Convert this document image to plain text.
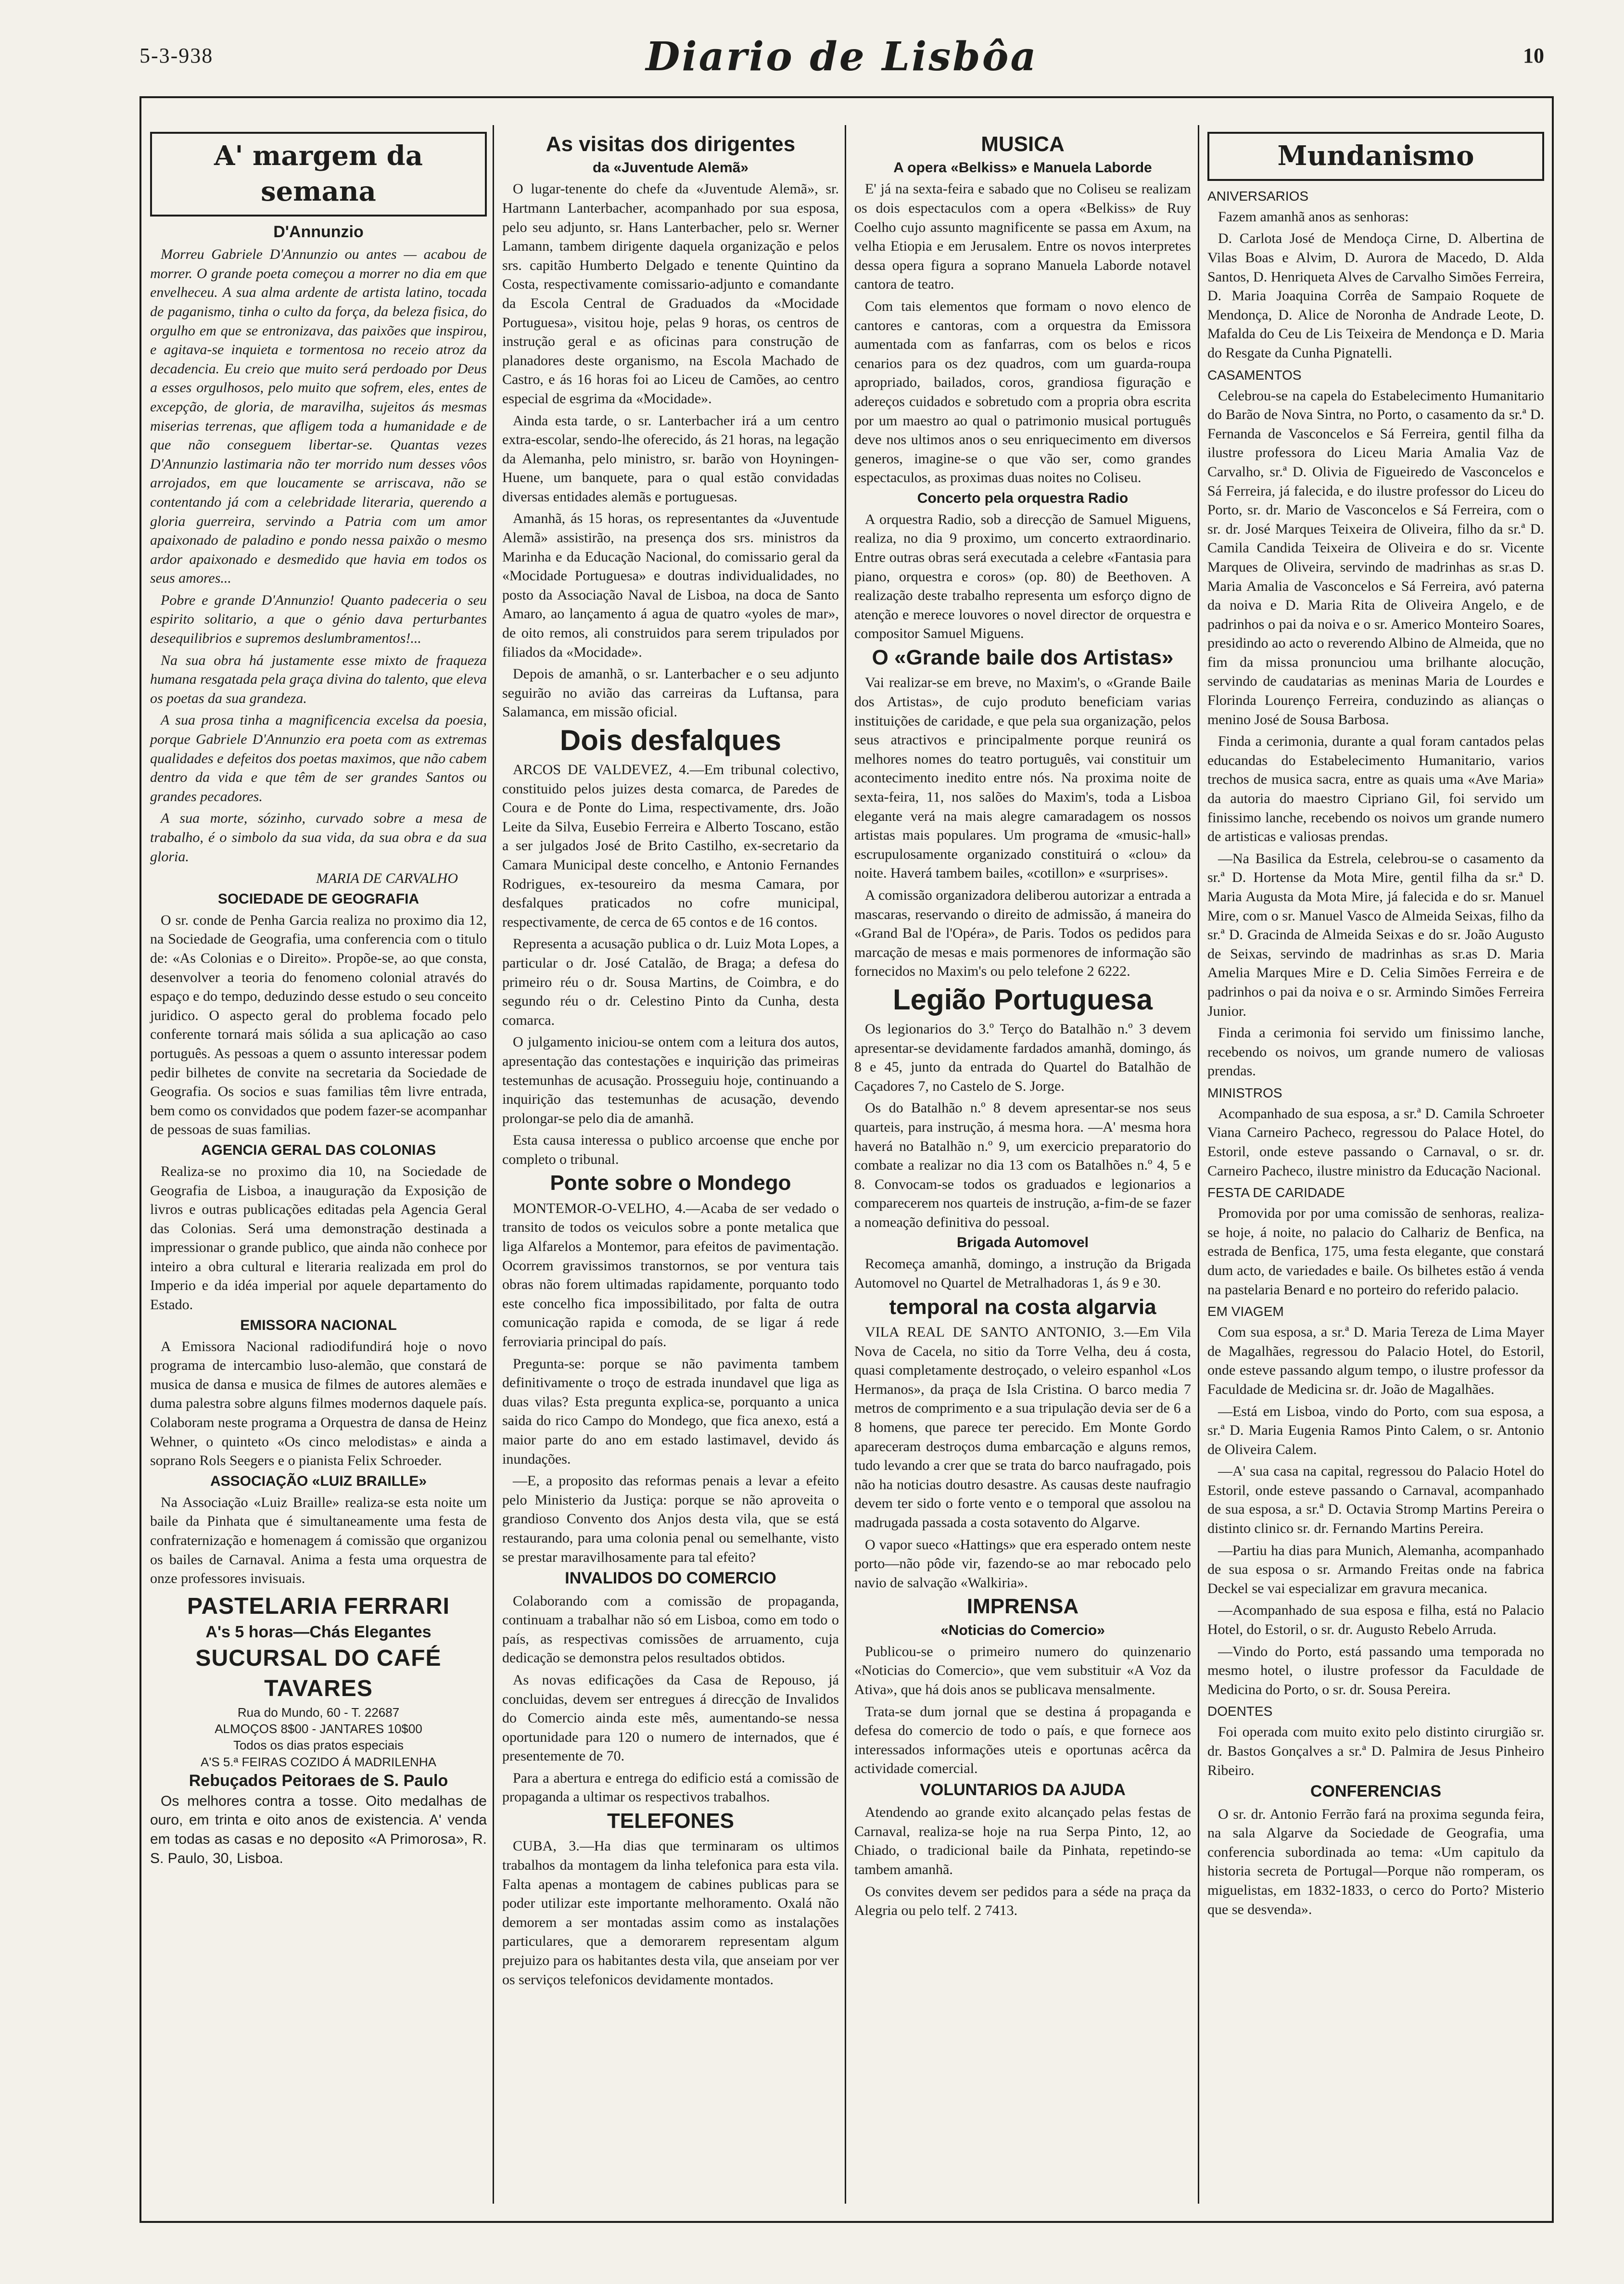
5-3-938	Diario de Lisbôa	10
A' margem da semana
D'Annunzio

Morreu Gabriele D'Annunzio ou antes — acabou de morrer. O grande poeta começou a morrer no dia em que envelheceu. A sua alma ardente de artista latino, tocada de paganismo, tinha o culto da força, da beleza fisica, do orgulho em que se entronizava, das paixões que inspirou, e agitava-se inquieta e tormentosa no receio atroz da decadencia. Eu creio que muito será perdoado por Deus a esses orgulhosos, pelo muito que sofrem, eles, entes de excepção, de gloria, de maravilha, sujeitos ás mesmas miserias terrenas, que afligem toda a humanidade e de que não conseguem libertar-se. Quantas vezes D'Annunzio lastimaria não ter morrido num desses vôos arrojados, em que loucamente se arriscava, não se contentando já com a celebridade literaria, querendo a gloria guerreira, servindo a Patria com um amor apaixonado de paladino e pondo nessa paixão o mesmo ardor apaixonado e desmedido que havia em todos os seus amores...

Pobre e grande D'Annunzio! Quanto padeceria o seu espirito solitario, a que o génio dava perturbantes desequilibrios e supremos deslumbramentos!...

Na sua obra há justamente esse mixto de fraqueza humana resgatada pela graça divina do talento, que eleva os poetas da sua grandeza.

A sua prosa tinha a magnificencia excelsa da poesia, porque Gabriele D'Annunzio era poeta com as extremas qualidades e defeitos dos poetas maximos, que não cabem dentro da vida e que têm de ser grandes Santos ou grandes pecadores.

A sua morte, sózinho, curvado sobre a mesa de trabalho, é o simbolo da sua vida, da sua obra e da sua gloria.

MARIA DE CARVALHO
SOCIEDADE DE GEOGRAFIA

O sr. conde de Penha Garcia realiza no proximo dia 12, na Sociedade de Geografia, uma conferencia com o titulo de: «As Colonias e o Direito». Propõe-se, ao que consta, desenvolver a teoria do fenomeno colonial através do espaço e do tempo, deduzindo desse estudo o seu conceito juridico. O aspecto geral do problema focado pelo conferente tornará mais sólida a sua aplicação ao caso português. As pessoas a quem o assunto interessar podem pedir bilhetes de convite na secretaria da Sociedade de Geografia. Os socios e suas familias têm livre entrada, bem como os convidados que podem fazer-se acompanhar de pessoas de suas familias.

AGENCIA GERAL DAS COLONIAS

Realiza-se no proximo dia 10, na Sociedade de Geografia de Lisboa, a inauguração da Exposição de livros e outras publicações editadas pela Agencia Geral das Colonias. Será uma demonstração destinada a impressionar o grande publico, que ainda não conhece por inteiro a obra cultural e literaria realizada em prol do Imperio e da idéa imperial por aquele departamento do Estado.

EMISSORA NACIONAL

A Emissora Nacional radiodifundirá hoje o novo programa de intercambio luso-alemão, que constará de musica de dansa e musica de filmes de autores alemães e duma palestra sobre alguns filmes modernos daquele país. Colaboram neste programa a Orquestra de dansa de Heinz Wehner, o quinteto «Os cinco melodistas» e ainda a soprano Rols Seegers e o pianista Felix Schroeder.

ASSOCIAÇÃO «LUIZ BRAILLE»

Na Associação «Luiz Braille» realiza-se esta noite um baile da Pinhata que é simultaneamente uma festa de confraternização e homenagem á comissão que organizou os bailes de Carnaval. Anima a festa uma orquestra de onze professores invisuais.

PASTELARIA FERRARI
A's 5 horas—Chás Elegantes
SUCURSAL DO CAFÉ TAVARES
Rua do Mundo, 60 - T. 22687
ALMOÇOS 8$00 - JANTARES 10$00
Todos os dias pratos especiais
A'S 5.ª FEIRAS COZIDO Á MADRILENHA
Rebuçados Peitoraes de S. Paulo

Os melhores contra a tosse. Oito medalhas de ouro, em trinta e oito anos de existencia. A' venda em todas as casas e no deposito «A Primorosa», R. S. Paulo, 30, Lisboa.

As visitas dos dirigentes
da «Juventude Alemã»

O lugar-tenente do chefe da «Juventude Alemã», sr. Hartmann Lanterbacher, acompanhado por sua esposa, pelo seu adjunto, sr. Hans Lanterbacher, pelo sr. Werner Lamann, tambem dirigente daquela organização e pelos srs. capitão Humberto Delgado e tenente Quintino da Costa, respectivamente comissario-adjunto e comandante da Escola Central de Graduados da «Mocidade Portuguesa», visitou hoje, pelas 9 horas, os centros de instrução geral e as oficinas para construção de planadores deste organismo, na Escola Machado de Castro, e ás 16 horas foi ao Liceu de Camões, ao centro especial de esgrima da «Mocidade».

Ainda esta tarde, o sr. Lanterbacher irá a um centro extra-escolar, sendo-lhe oferecido, ás 21 horas, na legação da Alemanha, pelo ministro, sr. barão von Hoyningen-Huene, um banquete, para o qual estão convidadas diversas entidades alemãs e portuguesas.

Amanhã, ás 15 horas, os representantes da «Juventude Alemã» assistirão, na presença dos srs. ministros da Marinha e da Educação Nacional, do comissario geral da «Mocidade Portuguesa» e doutras individualidades, no posto da Associação Naval de Lisboa, na doca de Santo Amaro, ao lançamento á agua de quatro «yoles de mar», de oito remos, ali construidos para serem tripulados por filiados da «Mocidade».

Depois de amanhã, o sr. Lanterbacher e o seu adjunto seguirão no avião das carreiras da Luftansa, para Salamanca, em missão oficial.

Dois desfalques

ARCOS DE VALDEVEZ, 4.—Em tribunal colectivo, constituido pelos juizes desta comarca, de Paredes de Coura e de Ponte do Lima, respectivamente, drs. João Leite da Silva, Eusebio Ferreira e Alberto Toscano, estão a ser julgados José de Brito Castilho, ex-secretario da Camara Municipal deste concelho, e Antonio Fernandes Rodrigues, ex-tesoureiro da mesma Camara, por desfalques praticados no cofre municipal, respectivamente, de cerca de 65 contos e de 16 contos.

Representa a acusação publica o dr. Luiz Mota Lopes, a particular o dr. José Catalão, de Braga; a defesa do primeiro réu o dr. Sousa Martins, de Coimbra, e do segundo réu o dr. Celestino Pinto da Cunha, desta comarca.

O julgamento iniciou-se ontem com a leitura dos autos, apresentação das contestações e inquirição das primeiras testemunhas de acusação. Prosseguiu hoje, continuando a inquirição das testemunhas de acusação, devendo prolongar-se pelo dia de amanhã.

Esta causa interessa o publico arcoense que enche por completo o tribunal.

Ponte sobre o Mondego

MONTEMOR-O-VELHO, 4.—Acaba de ser vedado o transito de todos os veiculos sobre a ponte metalica que liga Alfarelos a Montemor, para efeitos de pavimentação. Ocorrem gravissimos transtornos, se por ventura tais obras não forem ultimadas rapidamente, porquanto todo este concelho fica impossibilitado, por falta de outra comunicação rapida e comoda, de se ligar á rede ferroviaria principal do país.

Pregunta-se: porque se não pavimenta tambem definitivamente o troço de estrada inundavel que liga as duas vilas? Esta pregunta explica-se, porquanto a unica saida do rico Campo do Mondego, que fica anexo, está a maior parte do ano em estado lastimavel, devido ás inundações.

—E, a proposito das reformas penais a levar a efeito pelo Ministerio da Justiça: porque se não aproveita o grandioso Convento dos Anjos desta vila, que se está restaurando, para uma colonia penal ou semelhante, visto se prestar maravilhosamente para tal efeito?

INVALIDOS DO COMERCIO

Colaborando com a comissão de propaganda, continuam a trabalhar não só em Lisboa, como em todo o país, as respectivas comissões de arruamento, cuja dedicação se demonstra pelos resultados obtidos.

As novas edificações da Casa de Repouso, já concluidas, devem ser entregues á direcção de Invalidos do Comercio ainda este mês, aumentando-se nessa oportunidade para 120 o numero de internados, que é presentemente de 70.

Para a abertura e entrega do edificio está a comissão de propaganda a ultimar os respectivos trabalhos.

TELEFONES

CUBA, 3.—Ha dias que terminaram os ultimos trabalhos da montagem da linha telefonica para esta vila. Falta apenas a montagem de cabines publicas para se poder utilizar este importante melhoramento. Oxalá não demorem a ser montadas assim como as instalações particulares, que a demorarem representam algum prejuizo para os habitantes desta vila, que anseiam por ver os serviços telefonicos devidamente montados.

MUSICA
A opera «Belkiss» e Manuela Laborde

E' já na sexta-feira e sabado que no Coliseu se realizam os dois espectaculos com a opera «Belkiss» de Ruy Coelho cujo assunto magnificente se passa em Axum, na velha Etiopia e em Jerusalem. Entre os novos interpretes dessa opera figura a soprano Manuela Laborde notavel cantora de teatro.

Com tais elementos que formam o novo elenco de cantores e cantoras, com a orquestra da Emissora aumentada com as fanfarras, com os belos e ricos cenarios para os dez quadros, com um guarda-roupa apropriado, bailados, coros, grandiosa figuração e adereços cuidados e sobretudo com a propria obra escrita por um maestro ao qual o patrimonio musical português deve nos ultimos anos o seu enriquecimento em diversos generos, imagine-se o que vão ser, como grandes espectaculos, as proximas duas noites no Coliseu.

Concerto pela orquestra Radio

A orquestra Radio, sob a direcção de Samuel Miguens, realiza, no dia 9 proximo, um concerto extraordinario. Entre outras obras será executada a celebre «Fantasia para piano, orquestra e coros» (op. 80) de Beethoven. A realização deste trabalho representa um esforço digno de atenção e merece louvores o novel director de orquestra e compositor Samuel Miguens.

O «Grande baile dos Artistas»

Vai realizar-se em breve, no Maxim's, o «Grande Baile dos Artistas», de cujo produto beneficiam varias instituições de caridade, e que pela sua organização, pelos seus atractivos e principalmente porque reunirá os melhores nomes do teatro português, vai constituir um acontecimento inedito entre nós. Na proxima noite de sexta-feira, 11, nos salões do Maxim's, toda a Lisboa elegante verá na mais alegre camaradagem os nossos artistas mais populares. Um programa de «music-hall» escrupulosamente organizado constituirá o «clou» da noite. Haverá tambem bailes, «cotillon» e «surprises».

A comissão organizadora deliberou autorizar a entrada a mascaras, reservando o direito de admissão, á maneira do «Grand Bal de l'Opéra», de Paris. Todos os pedidos para marcação de mesas e mais pormenores de informação são fornecidos no Maxim's ou pelo telefone 2 6222.

Legião Portuguesa

Os legionarios do 3.º Terço do Batalhão n.º 3 devem apresentar-se devidamente fardados amanhã, domingo, ás 8 e 45, junto da entrada do Quartel do Batalhão de Caçadores 7, no Castelo de S. Jorge.

Os do Batalhão n.º 8 devem apresentar-se nos seus quarteis, para instrução, á mesma hora. —A' mesma hora haverá no Batalhão n.º 9, um exercicio preparatorio do combate a realizar no dia 13 com os Batalhões n.º 4, 5 e 8. Convocam-se todos os graduados e legionarios a comparecerem nos quarteis de instrução, a-fim-de se fazer a nomeação definitiva do pessoal.

Brigada Automovel

Recomeça amanhã, domingo, a instrução da Brigada Automovel no Quartel de Metralhadoras 1, ás 9 e 30.

temporal na costa algarvia

VILA REAL DE SANTO ANTONIO, 3.—Em Vila Nova de Cacela, no sitio da Torre Velha, deu á costa, quasi completamente destroçado, o veleiro espanhol «Los Hermanos», da praça de Isla Cristina. O barco media 7 metros de comprimento e a sua tripulação devia ser de 6 a 8 homens, que parece ter perecido. Em Monte Gordo apareceram destroços duma embarcação e alguns remos, tudo levando a crer que se trata do barco naufragado, pois não ha noticias doutro desastre. As causas deste naufragio devem ter sido o forte vento e o temporal que assolou na madrugada passada a costa sotavento do Algarve.

O vapor sueco «Hattings» que era esperado ontem neste porto—não pôde vir, fazendo-se ao mar rebocado pelo navio de salvação «Walkiria».

IMPRENSA
«Noticias do Comercio»

Publicou-se o primeiro numero do quinzenario «Noticias do Comercio», que vem substituir «A Voz da Ativa», que há dois anos se publicava mensalmente.

Trata-se dum jornal que se destina á propaganda e defesa do comercio de todo o país, e que fornece aos interessados informações uteis e oportunas acêrca da actividade comercial.

VOLUNTARIOS DA AJUDA

Atendendo ao grande exito alcançado pelas festas de Carnaval, realiza-se hoje na rua Serpa Pinto, 12, ao Chiado, o tradicional baile da Pinhata, repetindo-se tambem amanhã.

Os convites devem ser pedidos para a séde na praça da Alegria ou pelo telf. 2 7413.

Mundanismo
ANIVERSARIOS

Fazem amanhã anos as senhoras:

D. Carlota José de Mendoça Cirne, D. Albertina de Vilas Boas e Alvim, D. Aurora de Macedo, D. Alda Santos, D. Henriqueta Alves de Carvalho Simões Ferreira, D. Maria Joaquina Corrêa de Sampaio Roquete de Mendonça, D. Alice de Noronha de Andrade Leote, D. Mafalda do Ceu de Lis Teixeira de Mendonça e D. Maria do Resgate da Cunha Pignatelli.

CASAMENTOS

Celebrou-se na capela do Estabelecimento Humanitario do Barão de Nova Sintra, no Porto, o casamento da sr.ª D. Fernanda de Vasconcelos e Sá Ferreira, gentil filha da ilustre professora do Liceu Maria Amalia Vaz de Carvalho, sr.ª D. Olivia de Figueiredo de Vasconcelos e Sá Ferreira, já falecida, e do ilustre professor do Liceu do Porto, sr. dr. Mario de Vasconcelos e Sá Ferreira, com o sr. dr. José Marques Teixeira de Oliveira, filho da sr.ª D. Camila Candida Teixeira de Oliveira e do sr. Vicente Marques de Oliveira, servindo de madrinhas as sr.as D. Maria Amalia de Vasconcelos e Sá Ferreira, avó paterna da noiva e D. Maria Rita de Oliveira Angelo, e de padrinhos o pai da noiva e o sr. Americo Monteiro Soares, presidindo ao acto o reverendo Albino de Almeida, que no fim da missa pronunciou uma brilhante alocução, servindo de caudatarias as meninas Maria de Lourdes e Florinda Lourenço Ferreira, conduzindo as alianças o menino José de Sousa Barbosa.

Finda a cerimonia, durante a qual foram cantados pelas educandas do Estabelecimento Humanitario, varios trechos de musica sacra, entre as quais uma «Ave Maria» da autoria do maestro Cipriano Gil, foi servido um finissimo lanche, recebendo os noivos um grande numero de artisticas e valiosas prendas.

—Na Basilica da Estrela, celebrou-se o casamento da sr.ª D. Hortense da Mota Mire, gentil filha da sr.ª D. Maria Augusta da Mota Mire, já falecida e do sr. Manuel Mire, com o sr. Manuel Vasco de Almeida Seixas, filho da sr.ª D. Gracinda de Almeida Seixas e do sr. João Augusto de Seixas, servindo de madrinhas as sr.as D. Maria Amelia Marques Mire e D. Celia Simões Ferreira e de padrinhos o pai da noiva e o sr. Armindo Simões Ferreira Junior.

Finda a cerimonia foi servido um finissimo lanche, recebendo os noivos, um grande numero de valiosas prendas.

MINISTROS

Acompanhado de sua esposa, a sr.ª D. Camila Schroeter Viana Carneiro Pacheco, regressou do Palace Hotel, do Estoril, onde esteve passando o Carnaval, o sr. dr. Carneiro Pacheco, ilustre ministro da Educação Nacional.

FESTA DE CARIDADE

Promovida por por uma comissão de senhoras, realiza-se hoje, á noite, no palacio do Calhariz de Benfica, na estrada de Benfica, 175, uma festa elegante, que constará dum acto, de variedades e baile. Os bilhetes estão á venda na pastelaria Benard e no porteiro do referido palacio.

EM VIAGEM

Com sua esposa, a sr.ª D. Maria Tereza de Lima Mayer de Magalhães, regressou do Palacio Hotel, do Estoril, onde esteve passando algum tempo, o ilustre professor da Faculdade de Medicina sr. dr. João de Magalhães.

—Está em Lisboa, vindo do Porto, com sua esposa, a sr.ª D. Maria Eugenia Ramos Pinto Calem, o sr. Antonio de Oliveira Calem.

—A' sua casa na capital, regressou do Palacio Hotel do Estoril, onde esteve passando o Carnaval, acompanhado de sua esposa, a sr.ª D. Octavia Stromp Martins Pereira o distinto clinico sr. dr. Fernando Martins Pereira.

—Partiu ha dias para Munich, Alemanha, acompanhado de sua esposa o sr. Armando Freitas onde na fabrica Deckel se vai especializar em gravura mecanica.

—Acompanhado de sua esposa e filha, está no Palacio Hotel, do Estoril, o sr. dr. Augusto Rebelo Arruda.

—Vindo do Porto, está passando uma temporada no mesmo hotel, o ilustre professor da Faculdade de Medicina do Porto, o sr. dr. Sousa Pereira.

DOENTES

Foi operada com muito exito pelo distinto cirurgião sr. dr. Bastos Gonçalves a sr.ª D. Palmira de Jesus Pinheiro Ribeiro.

CONFERENCIAS

O sr. dr. Antonio Ferrão fará na proxima segunda feira, na sala Algarve da Sociedade de Geografia, uma conferencia subordinada ao tema: «Um capitulo da historia secreta de Portugal—Porque não romperam, os miguelistas, em 1832-1833, o cerco do Porto? Misterio que se desvenda».
